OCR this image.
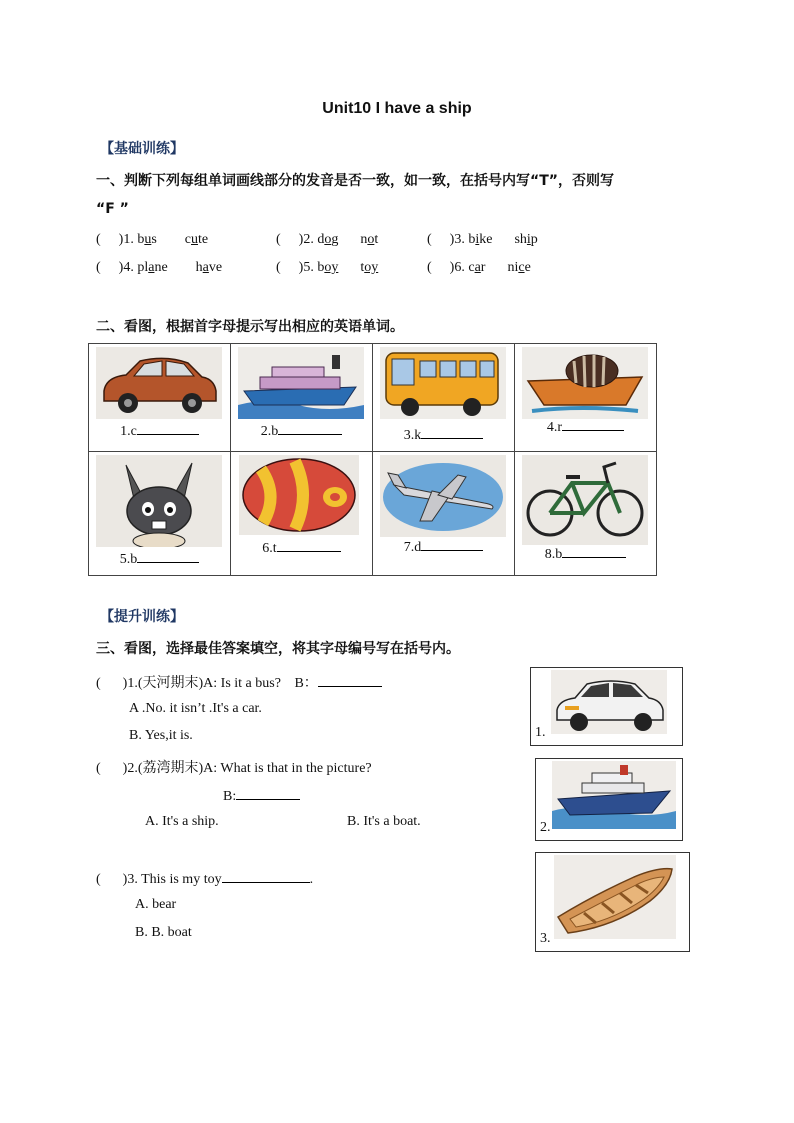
Unit10 I have a ship
【基础训练】
一、判断下列每组单词画线部分的发音是否一致，如一致，在括号内写“T”，否则写
“F ”
( )1. bus cute	( )2. dog not	( )3. bike ship
( )4. plane have	( )5. boy toy	( )6. car nice
二、看图，根据首字母提示写出相应的英语单词。
1.c	2.b	3.k	4.r

5.b	6.t	7.d	8.b
【提升训练】
三、看图，选择最佳答案填空，将其字母编号写在括号内。
( )1.(天河期末)A: Is it a bus? B：
A .No. it isn’t .It's a car.
B. Yes,it is.
( )2.(荔湾期末)A: What is that in the picture?
B:
A. It's a ship.	B. It's a boat.
( )3. This is my toy	.
A. bear
B. B. boat
1.
2.
3.
